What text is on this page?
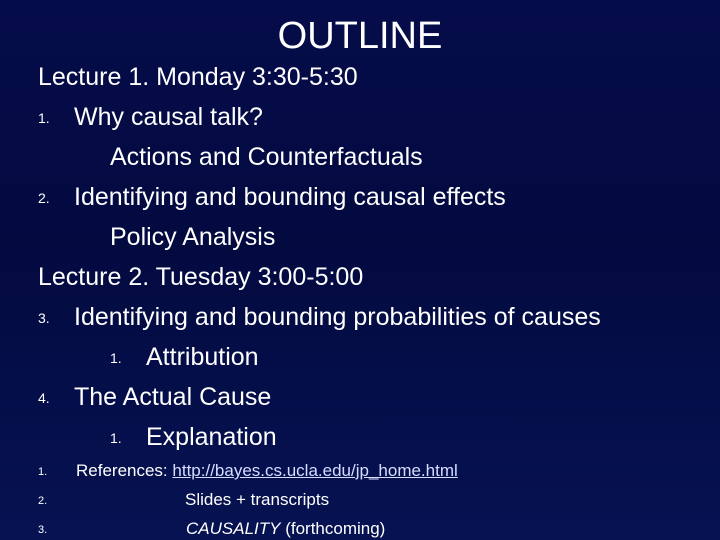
OUTLINE
Lecture 1. Monday 3:30-5:30
1. Why causal talk?
Actions and Counterfactuals
2. Identifying and bounding causal effects
Policy Analysis
Lecture 2. Tuesday 3:00-5:00
3. Identifying and bounding probabilities of causes
1. Attribution
4. The Actual Cause
1. Explanation
1. References: http://bayes.cs.ucla.edu/jp_home.html
2.	Slides + transcripts
3.	CAUSALITY (forthcoming)
